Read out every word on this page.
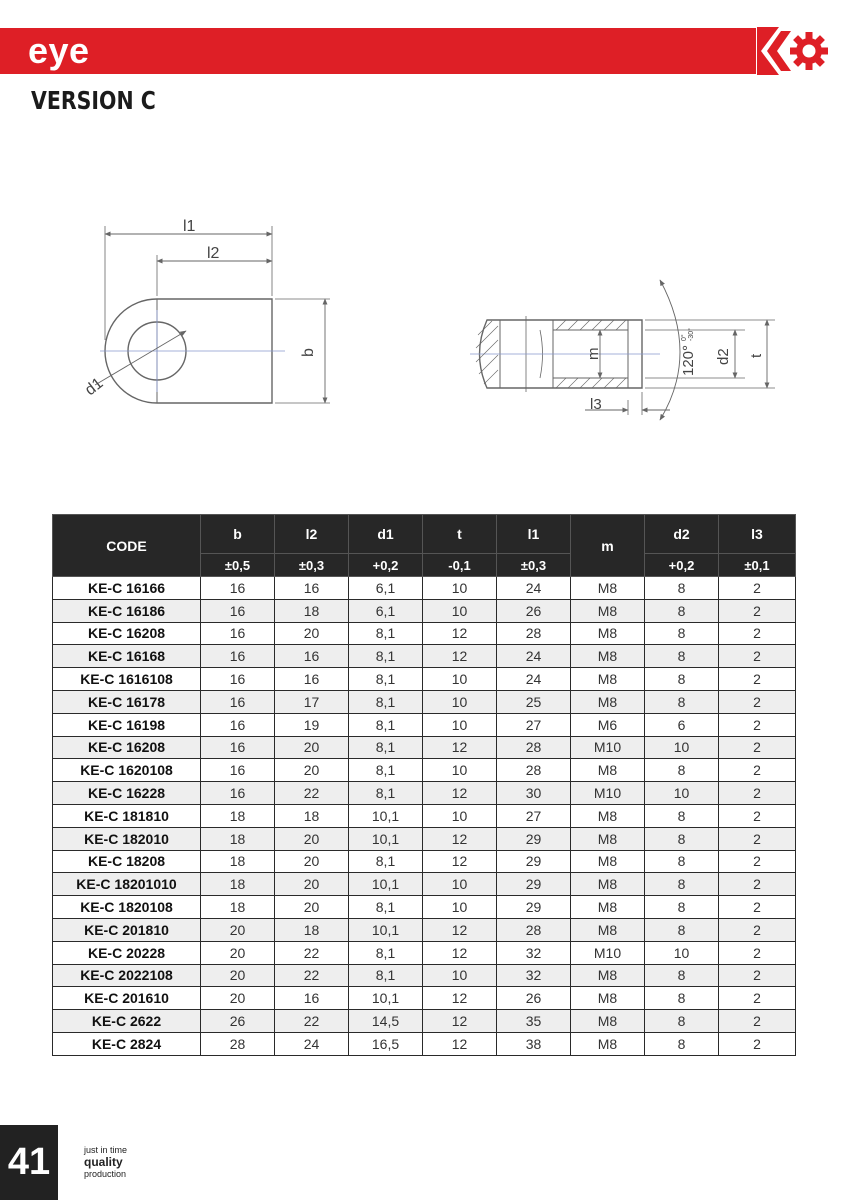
eye
VERSION C
l1
l2
b
d1
m	120°
0° -30°
d2 t
l3
CODE	b	l2	d1	t	l1	m	d2	l3
	±0,5	±0,3	+0,2	-0,1	±0,3		+0,2	±0,1
KE-C 16166	16	16	6,1	10	24	M8	8	2
KE-C 16186	16	18	6,1	10	26	M8	8	2
KE-C 16208	16	20	8,1	12	28	M8	8	2
KE-C 16168	16	16	8,1	12	24	M8	8	2
KE-C 1616108	16	16	8,1	10	24	M8	8	2
KE-C 16178	16	17	8,1	10	25	M8	8	2
KE-C 16198	16	19	8,1	10	27	M6	6	2
KE-C 16208	16	20	8,1	12	28	M10	10	2
KE-C 1620108	16	20	8,1	10	28	M8	8	2
KE-C 16228	16	22	8,1	12	30	M10	10	2
KE-C 181810	18	18	10,1	10	27	M8	8	2
KE-C 182010	18	20	10,1	12	29	M8	8	2
KE-C 18208	18	20	8,1	12	29	M8	8	2
KE-C 18201010	18	20	10,1	10	29	M8	8	2
KE-C 1820108	18	20	8,1	10	29	M8	8	2
KE-C 201810	20	18	10,1	12	28	M8	8	2
KE-C 20228	20	22	8,1	12	32	M10	10	2
KE-C 2022108	20	22	8,1	10	32	M8	8	2
KE-C 201610	20	16	10,1	12	26	M8	8	2
KE-C 2622	26	22	14,5	12	35	M8	8	2
KE-C 2824	28	24	16,5	12	38	M8	8	2
41	just in time
quality
production
